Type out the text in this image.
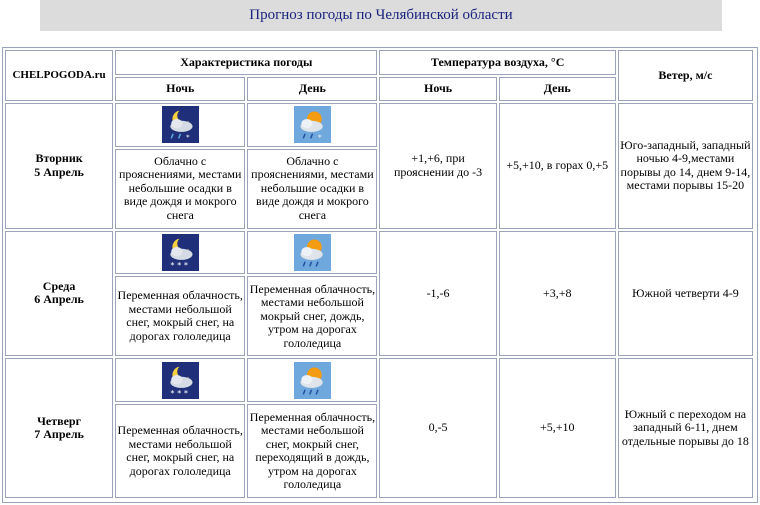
Прогноз погоды по Челябинской области
CHELPOGODA.ru	Характеристика погоды		Температура воздуха, °С		Ветер, м/с
	Ночь	День	Ночь	День	

Вторник
5 Апрель	*	*	+1,+6, при прояснении до -3	+5,+10, в горах 0,+5	Юго-западный, западный ночью 4-9,местами порывы до 14, днем 9-14, местами порывы 15-20
	Облачно с прояснениями, местами небольшие осадки в виде дождя и мокрого снега	Облачно с прояснениями, местами небольшие осадки в виде дождя и мокрого снега			

Среда
6 Апрель	* * *		-1,-6	+3,+8	Южной четверти 4-9
	Переменная облачность, местами небольшой снег, мокрый снег, на дорогах гололедица	Переменная облачность, местами небольшой мокрый снег, дождь, утром на дорогах гололедица			

Четверг
7 Апрель	* * *		0,-5	+5,+10	Южный с переходом на западный 6-11, днем отдельные порывы до 18
	Переменная облачность, местами небольшой снег, мокрый снег, на дорогах гололедица	Переменная облачность, местами небольшой снег, мокрый снег, переходящий в дождь, утром на дорогах гололедица			
